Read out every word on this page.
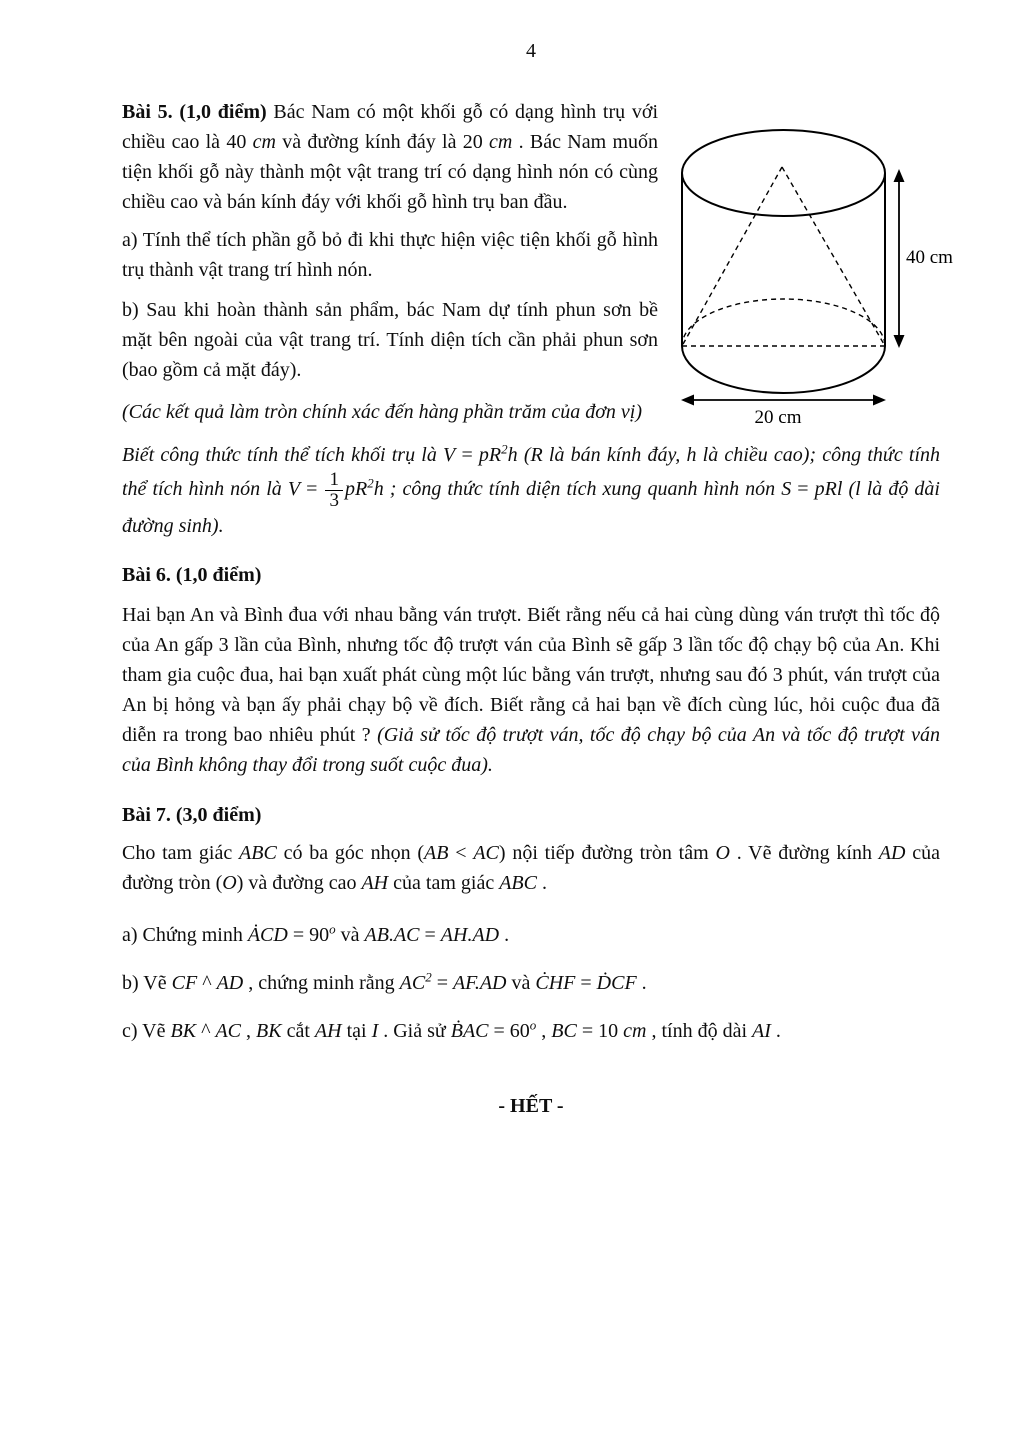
4

Bài 5. (1,0 điểm) Bác Nam có một khối gỗ có dạng hình trụ với chiều cao là 40 cm và đường kính đáy là 20 cm . Bác Nam muốn tiện khối gỗ này thành một vật trang trí có dạng hình nón có cùng chiều cao và bán kính đáy với khối gỗ hình trụ ban đầu.

a) Tính thể tích phần gỗ bỏ đi khi thực hiện việc tiện khối gỗ hình trụ thành vật trang trí hình nón.

b) Sau khi hoàn thành sản phẩm, bác Nam dự tính phun sơn bề mặt bên ngoài của vật trang trí. Tính diện tích cần phải phun sơn (bao gồm cả mặt đáy).

(Các kết quả làm tròn chính xác đến hàng phần trăm của đơn vị)

Biết công thức tính thể tích khối trụ là $V = pR^2h$ (R là bán kính đáy, h là chiều cao); công thức tính thể tích hình nón là $V = \frac{1}{3} pR^2h$ ; công thức tính diện tích xung quanh hình nón S = pRl (l là độ dài đường sinh).

Bài 6. (1,0 điểm)

Hai bạn An và Bình đua với nhau bằng ván trượt. Biết rằng nếu cả hai cùng dùng ván trượt thì tốc độ của An gấp 3 lần của Bình, nhưng tốc độ trượt ván của Bình sẽ gấp 3 lần tốc độ chạy bộ của An. Khi tham gia cuộc đua, hai bạn xuất phát cùng một lúc bằng ván trượt, nhưng sau đó 3 phút, ván trượt của An bị hỏng và bạn ấy phải chạy bộ về đích. Biết rằng cả hai bạn về đích cùng lúc, hỏi cuộc đua đã diễn ra trong bao nhiêu phút ? (Giả sử tốc độ trượt ván, tốc độ chạy bộ của An và tốc độ trượt ván của Bình không thay đổi trong suốt cuộc đua).

Bài 7. (3,0 điểm)

Cho tam giác ABC có ba góc nhọn (AB < AC) nội tiếp đường tròn tâm O . Vẽ đường kính AD của đường tròn (O) và đường cao AH của tam giác ABC .

a) Chứng minh ȦCD = $90^o$ và AB.AC = AH.AD .

b) Vẽ CF ^ AD , chứng minh rằng $AC^2 = AF.AD$ và ĊHF = ḊCF .

c) Vẽ BK ^ AC , BK cắt AH tại I . Giả sử ḂAC = $60^o$ , BC = 10 cm , tính độ dài AI .

- HẾT -

40 cm
20 cm
